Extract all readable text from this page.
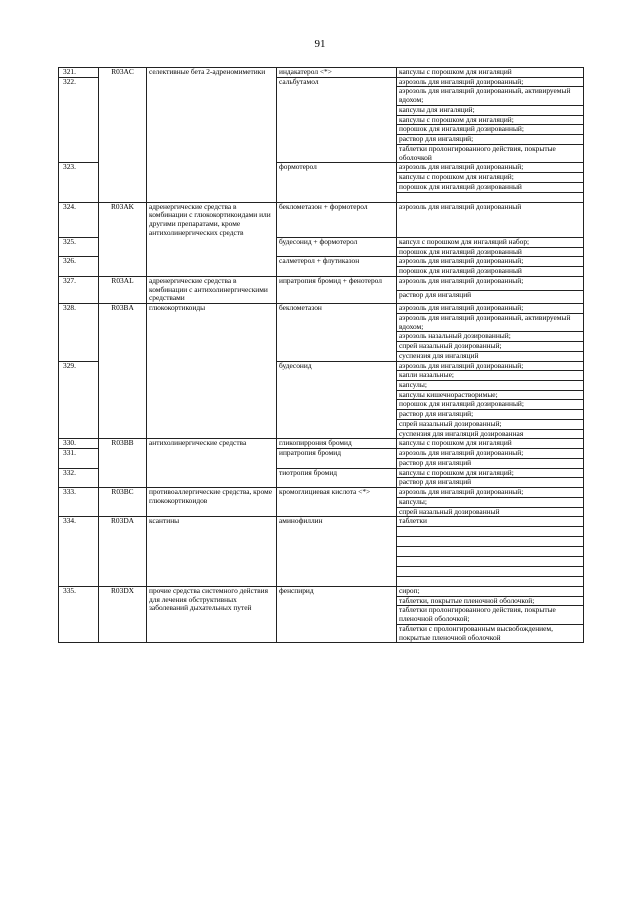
91
321.	R03AC	селективные бета 2-адреномиметики	индакатерол <*>	капсулы с порошком для ингаляций
322.			сальбутамол	аэрозоль для ингаляций дозированный;
				аэрозоль для ингаляций дозированный, активируемый вдохом;
				капсулы для ингаляций;
				капсулы с порошком для ингаляций;
				порошок для ингаляций дозированный;
				раствор для ингаляций;
				таблетки пролонгированного действия, покрытые оболочкой
323.			формотерол	аэрозоль для ингаляций дозированный;
				капсулы с порошком для ингаляций;
				порошок для ингаляций дозированный

324.	R03AK	адренергические средства в комбинации с глюкокортикоидами или другими препаратами, кроме антихолинергических средств	беклометазон + формотерол	аэрозоль для ингаляций дозированный
325.			будесонид + формотерол	капсул с порошком для ингаляций набор;
				порошок для ингаляций дозированный
326.			салметерол + флутиказон	аэрозоль для ингаляций дозированный;
				порошок для ингаляций дозированный
327.	R03AL	адренергические средства в комбинации с антихолинергическими средствами	ипратропия бромид + фенотерол	аэрозоль для ингаляций дозированный;
				раствор для ингаляций
328.	R03BA	глюкокортикоиды	беклометазон	аэрозоль для ингаляций дозированный;
				аэрозоль для ингаляций дозированный, активируемый вдохом;
				аэрозоль назальный дозированный;
				спрей назальный дозированный;
				суспензия для ингаляций
329.			будесонид	аэрозоль для ингаляций дозированный;
				капли назальные;
				капсулы;
				капсулы кишечнорастворимые;
				порошок для ингаляций дозированный;
				раствор для ингаляций;
				спрей назальный дозированный;
				суспензия для ингаляций дозированная
330.	R03BB	антихолинергические средства	гликопиррония бромид	капсулы с порошком для ингаляций
331.			ипратропия бромид	аэрозоль для ингаляций дозированный;
				раствор для ингаляций
332.			тиотропия бромид	капсулы с порошком для ингаляций;
				раствор для ингаляций
333.	R03BC	противоаллергические средства, кроме глюкокортикоидов	кромоглициевая кислота <*>	аэрозоль для ингаляций дозированный;
				капсулы;
				спрей назальный дозированный
334.	R03DA	ксантины	аминофиллин	таблетки

335.	R03DX	прочие средства системного действия для лечения обструктивных заболеваний дыхательных путей	фенспирид	сироп;
				таблетки, покрытые пленочной оболочкой;
				таблетки пролонгированного действия, покрытые пленочной оболочкой;
				таблетки с пролонгированным высвобождением, покрытые пленочной оболочкой
